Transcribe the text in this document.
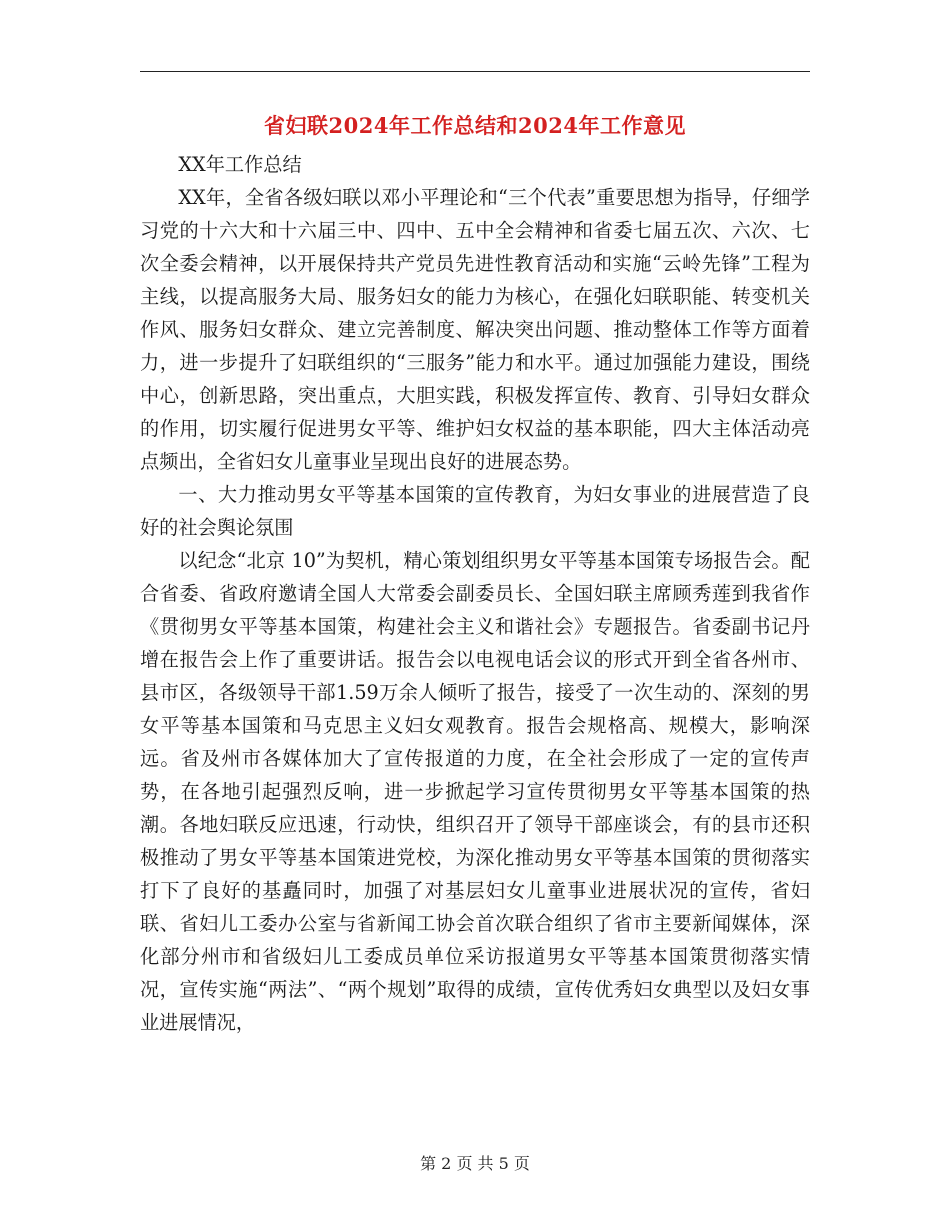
省妇联2024年工作总结和2024年工作意见

XX年工作总结

XX年，全省各级妇联以邓小平理论和“三个代表”重要思想为指导，仔细学习党的十六大和十六届三中、四中、五中全会精神和省委七届五次、六次、七次全委会精神，以开展保持共产党员先进性教育活动和实施“云岭先锋”工程为主线，以提高服务大局、服务妇女的能力为核心，在强化妇联职能、转变机关作风、服务妇女群众、建立完善制度、解决突出问题、推动整体工作等方面着力，进一步提升了妇联组织的“三服务”能力和水平。通过加强能力建设，围绕中心，创新思路，突出重点，大胆实践，积极发挥宣传、教育、引导妇女群众的作用，切实履行促进男女平等、维护妇女权益的基本职能，四大主体活动亮点频出，全省妇女儿童事业呈现出良好的进展态势。

一、大力推动男女平等基本国策的宣传教育，为妇女事业的进展营造了良好的社会舆论氛围

以纪念“北京 10”为契机，精心策划组织男女平等基本国策专场报告会。配合省委、省政府邀请全国人大常委会副委员长、全国妇联主席顾秀莲到我省作《贯彻男女平等基本国策，构建社会主义和谐社会》专题报告。省委副书记丹增在报告会上作了重要讲话。报告会以电视电话会议的形式开到全省各州市、县市区，各级领导干部1.59万余人倾听了报告，接受了一次生动的、深刻的男女平等基本国策和马克思主义妇女观教育。报告会规格高、规模大，影响深远。省及州市各媒体加大了宣传报道的力度，在全社会形成了一定的宣传声势，在各地引起强烈反响，进一步掀起学习宣传贯彻男女平等基本国策的热潮。各地妇联反应迅速，行动快，组织召开了领导干部座谈会，有的县市还积极推动了男女平等基本国策进党校，为深化推动男女平等基本国策的贯彻落实打下了良好的基矗同时，加强了对基层妇女儿童事业进展状况的宣传，省妇联、省妇儿工委办公室与省新闻工协会首次联合组织了省市主要新闻媒体，深化部分州市和省级妇儿工委成员单位采访报道男女平等基本国策贯彻落实情况，宣传实施“两法”、“两个规划”取得的成绩，宣传优秀妇女典型以及妇女事业进展情况，

第 2 页 共 5 页
